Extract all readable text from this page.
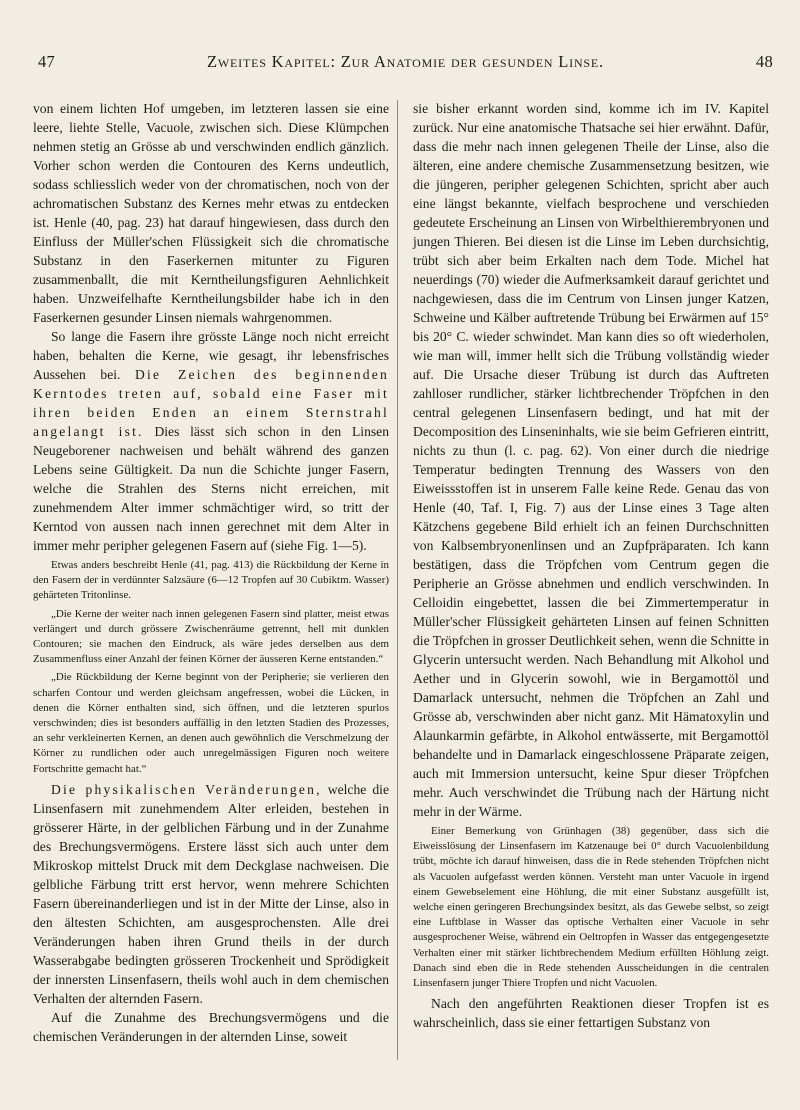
47	Zweites Kapitel: Zur Anatomie der gesunden Linse.	48

von einem lichten Hof umgeben, im letzteren lassen sie eine leere, liehte Stelle, Vacuole, zwischen sich. Diese Klümpchen nehmen stetig an Grösse ab und verschwinden endlich gänzlich. Vorher schon werden die Contouren des Kerns undeutlich, sodass schliesslich weder von der chromatischen, noch von der achromatischen Substanz des Kernes mehr etwas zu entdecken ist. Henle (40, pag. 23) hat darauf hingewiesen, dass durch den Einfluss der Müller'schen Flüssigkeit sich die chromatische Substanz in den Faserkernen mitunter zu Figuren zusammenballt, die mit Kerntheilungsfiguren Aehnlichkeit haben. Unzweifelhafte Kerntheilungsbilder habe ich in den Faserkernen gesunder Linsen niemals wahrgenommen.

So lange die Fasern ihre grösste Länge noch nicht erreicht haben, behalten die Kerne, wie gesagt, ihr lebensfrisches Aussehen bei. Die Zeichen des beginnenden Kerntodes treten auf, sobald eine Faser mit ihren beiden Enden an einem Sternstrahl angelangt ist. Dies lässt sich schon in den Linsen Neugeborener nachweisen und behält während des ganzen Lebens seine Gültigkeit. Da nun die Schichte junger Fasern, welche die Strahlen des Sterns nicht erreichen, mit zunehmendem Alter immer schmächtiger wird, so tritt der Kerntod von aussen nach innen gerechnet mit dem Alter in immer mehr peripher gelegenen Fasern auf (siehe Fig. 1—5).

Etwas anders beschreibt Henle (41, pag. 413) die Rückbildung der Kerne in den Fasern der in verdünnter Salzsäure (6—12 Tropfen auf 30 Cubiktm. Wasser) gehärteten Tritonlinse.

„Die Kerne der weiter nach innen gelegenen Fasern sind platter, meist etwas verlängert und durch grössere Zwischenräume getrennt, hell mit dunklen Contouren; sie machen den Eindruck, als wäre jedes derselben aus dem Zusammenfluss einer Anzahl der feinen Körner der äusseren Kerne entstanden.“

„Die Rückbildung der Kerne beginnt von der Peripherie; sie verlieren den scharfen Contour und werden gleichsam angefressen, wobei die Lücken, in denen die Körner enthalten sind, sich öffnen, und die letzteren spurlos verschwinden; dies ist besonders auffällig in den letzten Stadien des Prozesses, an sehr verkleinerten Kernen, an denen auch gewöhnlich die Verschmelzung der Körner zu rundlichen oder auch unregelmässigen Figuren noch weitere Fortschritte gemacht hat.“

Die physikalischen Veränderungen, welche die Linsenfasern mit zunehmendem Alter erleiden, bestehen in grösserer Härte, in der gelblichen Färbung und in der Zunahme des Brechungsvermögens. Erstere lässt sich auch unter dem Mikroskop mittelst Druck mit dem Deckglase nachweisen. Die gelbliche Färbung tritt erst hervor, wenn mehrere Schichten Fasern übereinanderliegen und ist in der Mitte der Linse, also in den ältesten Schichten, am ausgesprochensten. Alle drei Veränderungen haben ihren Grund theils in der durch Wasserabgabe bedingten grösseren Trockenheit und Sprödigkeit der innersten Linsenfasern, theils wohl auch in dem chemischen Verhalten der alternden Fasern.

Auf die Zunahme des Brechungsvermögens und die chemischen Veränderungen in der alternden Linse, soweit

sie bisher erkannt worden sind, komme ich im IV. Kapitel zurück. Nur eine anatomische Thatsache sei hier erwähnt. Dafür, dass die mehr nach innen gelegenen Theile der Linse, also die älteren, eine andere chemische Zusammensetzung besitzen, wie die jüngeren, peripher gelegenen Schichten, spricht aber auch eine längst bekannte, vielfach besprochene und verschieden gedeutete Erscheinung an Linsen von Wirbelthierembryonen und jungen Thieren. Bei diesen ist die Linse im Leben durchsichtig, trübt sich aber beim Erkalten nach dem Tode. Michel hat neuerdings (70) wieder die Aufmerksamkeit darauf gerichtet und nachgewiesen, dass die im Centrum von Linsen junger Katzen, Schweine und Kälber auftretende Trübung bei Erwärmen auf 15° bis 20° C. wieder schwindet. Man kann dies so oft wiederholen, wie man will, immer hellt sich die Trübung vollständig wieder auf. Die Ursache dieser Trübung ist durch das Auftreten zahlloser rundlicher, stärker lichtbrechender Tröpfchen in den central gelegenen Linsenfasern bedingt, und hat mit der Decomposition des Linseninhalts, wie sie beim Gefrieren eintritt, nichts zu thun (l. c. pag. 62). Von einer durch die niedrige Temperatur bedingten Trennung des Wassers von den Eiweissstoffen ist in unserem Falle keine Rede. Genau das von Henle (40, Taf. I, Fig. 7) aus der Linse eines 3 Tage alten Kätzchens gegebene Bild erhielt ich an feinen Durchschnitten von Kalbsembryonenlinsen und an Zupfpräparaten. Ich kann bestätigen, dass die Tröpfchen vom Centrum gegen die Peripherie an Grösse abnehmen und endlich verschwinden. In Celloidin eingebettet, lassen die bei Zimmertemperatur in Müller'scher Flüssigkeit gehärteten Linsen auf feinen Schnitten die Tröpfchen in grosser Deutlichkeit sehen, wenn die Schnitte in Glycerin untersucht werden. Nach Behandlung mit Alkohol und Aether und in Glycerin sowohl, wie in Bergamottöl und Damarlack untersucht, nehmen die Tröpfchen an Zahl und Grösse ab, verschwinden aber nicht ganz. Mit Hämatoxylin und Alaunkarmin gefärbte, in Alkohol entwässerte, mit Bergamottöl behandelte und in Damarlack eingeschlossene Präparate zeigen, auch mit Immersion untersucht, keine Spur dieser Tröpfchen mehr. Auch verschwindet die Trübung nach der Härtung nicht mehr in der Wärme.

Einer Bemerkung von Grünhagen (38) gegenüber, dass sich die Eiweisslösung der Linsenfasern im Katzenauge bei 0° durch Vacuolenbildung trübt, möchte ich darauf hinweisen, dass die in Rede stehenden Tröpfchen nicht als Vacuolen aufgefasst werden können. Versteht man unter Vacuole in irgend einem Gewebselement eine Höhlung, die mit einer Substanz ausgefüllt ist, welche einen geringeren Brechungsindex besitzt, als das Gewebe selbst, so zeigt eine Luftblase in Wasser das optische Verhalten einer Vacuole in sehr ausgesprochener Weise, während ein Oeltropfen in Wasser das entgegengesetzte Verhalten einer mit stärker lichtbrechendem Medium erfüllten Höhlung zeigt. Danach sind eben die in Rede stehenden Ausscheidungen in die centralen Linsenfasern junger Thiere Tropfen und nicht Vacuolen.

Nach den angeführten Reaktionen dieser Tropfen ist es wahrscheinlich, dass sie einer fettartigen Substanz von
